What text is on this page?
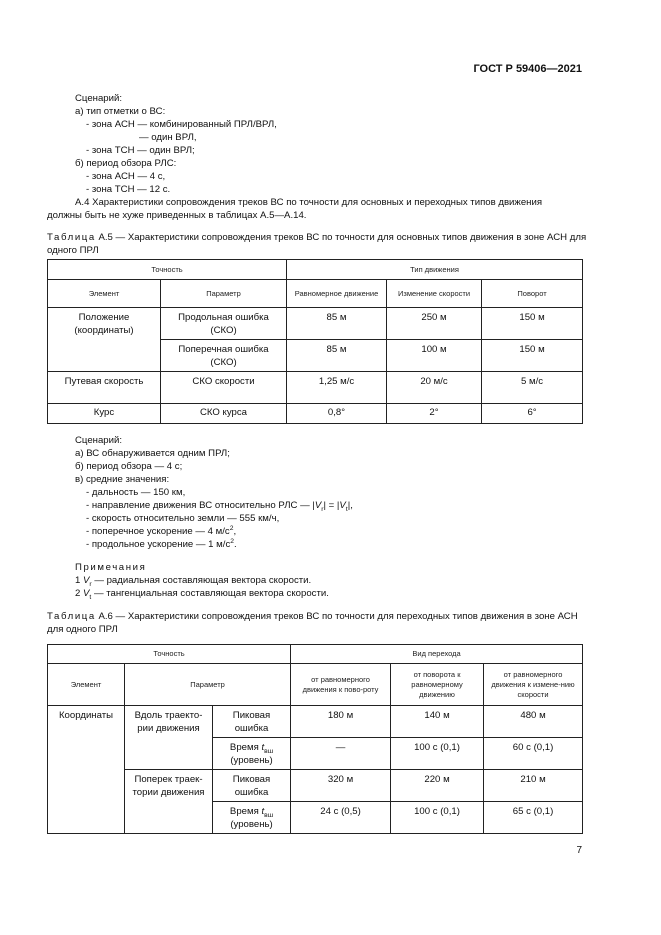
ГОСТ Р 59406—2021
Сценарий:
а) тип отметки о ВС:
- зона АСН — комбинированный ПРЛ/ВРЛ,
— один ВРЛ,
- зона ТСН — один ВРЛ;
б) период обзора РЛС:
- зона АСН — 4 с,
- зона ТСН — 12 с.
А.4 Характеристики сопровождения треков ВС по точности для основных и переходных типов движения
должны быть не хуже приведенных в таблицах А.5—А.14.
Таблица А.5 — Характеристики сопровождения треков ВС по точности для основных типов движения в зоне АСН для одного ПРЛ
Точность		Тип движения		
Элемент	Параметр	Равномерное движение	Изменение скорости	Поворот
Положение (координаты)	Продольная ошибка (СКО)	85 м	250 м	150 м
	Поперечная ошибка (СКО)	85 м	100 м	150 м
Путевая скорость	СКО скорости	1,25 м/с	20 м/с	5 м/с
Курс	СКО курса	0,8°	2°	6°
Сценарий:
а) ВС обнаруживается одним ПРЛ;
б) период обзора — 4 с;
в) средние значения:
- дальность — 150 км,
- направление движения ВС относительно РЛС — $|V_r| = |V_t|$,
- скорость относительно земли — 555 км/ч,
- поперечное ускорение — 4 $м/с^2$,
- продольное ускорение — 1 $м/с^2$.
Примечания
1 $V_r$ — радиальная составляющая вектора скорости.
2 $V_t$ — тангенциальная составляющая вектора скорости.
Таблица А.6 — Характеристики сопровождения треков ВС по точности для переходных типов движения в зоне АСН для одного ПРЛ
Точность			Вид перехода		
Элемент	Параметр		от равномерного движения к пово-роту	от поворота к равномерному движению	от равномерного движения к измене-нию скорости
Координаты	Вдоль траекто-рии движения	Пиковая ошибка	180 м	140 м	480 м
		Время $t_{вш}$
(уровень)	—	100 с (0,1)	60 с (0,1)
	Поперек траек-тории движения	Пиковая ошибка	320 м	220 м	210 м
		Время $t_{вш}$
(уровень)	24 с (0,5)	100 с (0,1)	65 с (0,1)
7
